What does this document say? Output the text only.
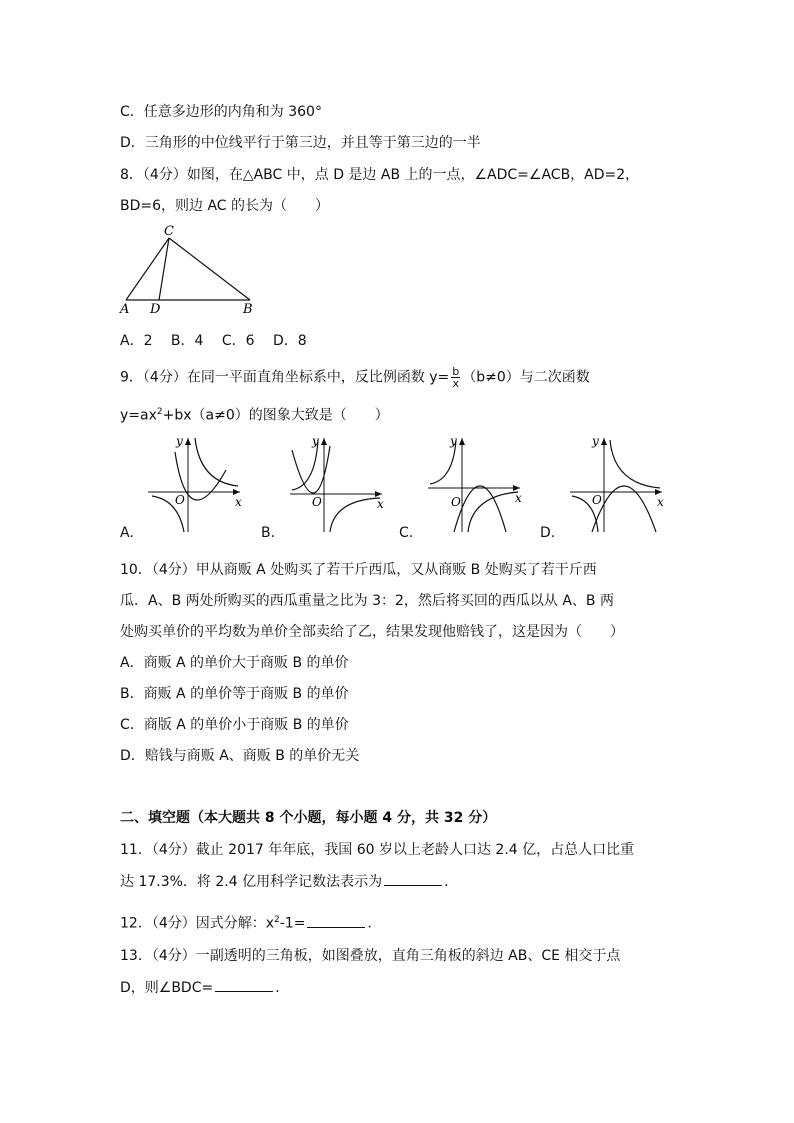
C．任意多边形的内角和为 360°
D．三角形的中位线平行于第三边，并且等于第三边的一半
8．（4分）如图，在△ABC 中，点 D 是边 AB 上的一点，∠ADC=∠ACB，AD=2，
BD=6，则边 AC 的长为（　　）
C
A D	B
A．2　 B．4　 C．6　 D．8
9．（4分）在同一平面直角坐标系中，反比例函数 $y= \frac{b}{x} (b\ne 0)$与二次函数
$y=ax^2+bx(a\ne 0)$的图象大致是（　　）
x
y
O	x
y
O	x
y
O	x
y
O
A.	B.	C.	D.
10．（4分）甲从商贩 A 处购买了若干斤西瓜，又从商贩 B 处购买了若干斤西
瓜．A、B 两处所购买的西瓜重量之比为 3：2，然后将买回的西瓜以从 A、B 两
处购买单价的平均数为单价全部卖给了乙，结果发现他赔钱了，这是因为（　　）
A．商贩 A 的单价大于商贩 B 的单价
B．商贩 A 的单价等于商贩 B 的单价
C．商版 A 的单价小于商贩 B 的单价
D．赔钱与商贩 A、商贩 B 的单价无关
二、填空题（本大题共 8 个小题，每小题 4 分，共 32 分）
11．（4分）截止 2017 年年底，我国 60 岁以上老龄人口达 2.4 亿，占总人口比重
达 17.3%．将 2.4 亿用科学记数法表示为	．
12．（4分）因式分解：$x^2-1=$	．
13．（4分）一副透明的三角板，如图叠放，直角三角板的斜边 AB、CE 相交于点
D，则∠BDC=	．
